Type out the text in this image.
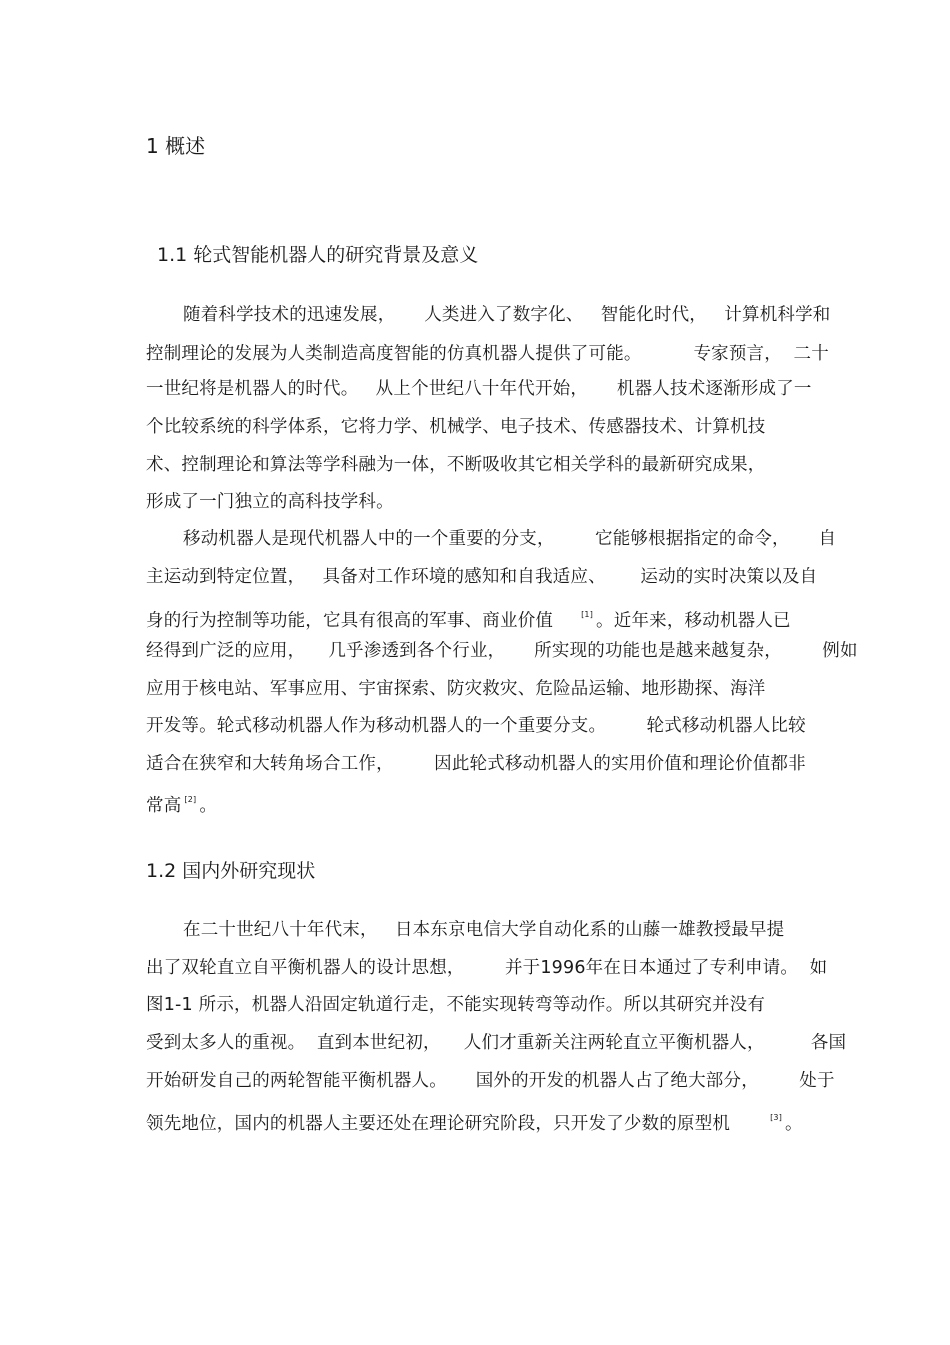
1 概述
1.1 轮式智能机器人的研究背景及意义

随着科学技术的迅速发展，     人类进入了数字化、   智能化时代，   计算机科学和

控制理论的发展为人类制造高度智能的仿真机器人提供了可能。         专家预言，  二十

一世纪将是机器人的时代。   从上个世纪八十年代开始，     机器人技术逐渐形成了一

个比较系统的科学体系，它将力学、机械学、电子技术、传感器技术、计算机技

术、控制理论和算法等学科融为一体，不断吸收其它相关学科的最新研究成果，

形成了一门独立的高科技学科。

移动机器人是现代机器人中的一个重要的分支，       它能够根据指定的命令，     自

主运动到特定位置，   具备对工作环境的感知和自我适应、      运动的实时决策以及自

身的行为控制等功能，它具有很高的军事、商业价值	[1] 。近年来，移动机器人已

经得到广泛的应用，    几乎渗透到各个行业，     所实现的功能也是越来越复杂，       例如

应用于核电站、军事应用、宇宙探索、防灾救灾、危险品运输、地形勘探、海洋

开发等。轮式移动机器人作为移动机器人的一个重要分支。       轮式移动机器人比较

适合在狭窄和大转角场合工作，       因此轮式移动机器人的实用价值和理论价值都非

常高 [2] 。

1.2 国内外研究现状

在二十世纪八十年代末，   日本东京电信大学自动化系的山藤一雄教授最早提

出了双轮直立自平衡机器人的设计思想，       并于1996年在日本通过了专利申请。  如

图1-1 所示，机器人沿固定轨道行走，不能实现转弯等动作。所以其研究并没有

受到太多人的重视。  直到本世纪初，    人们才重新关注两轮直立平衡机器人，        各国

开始研发自己的两轮智能平衡机器人。     国外的开发的机器人占了绝大部分，       处于

领先地位，国内的机器人主要还处在理论研究阶段，只开发了少数的原型机	[3] 。
